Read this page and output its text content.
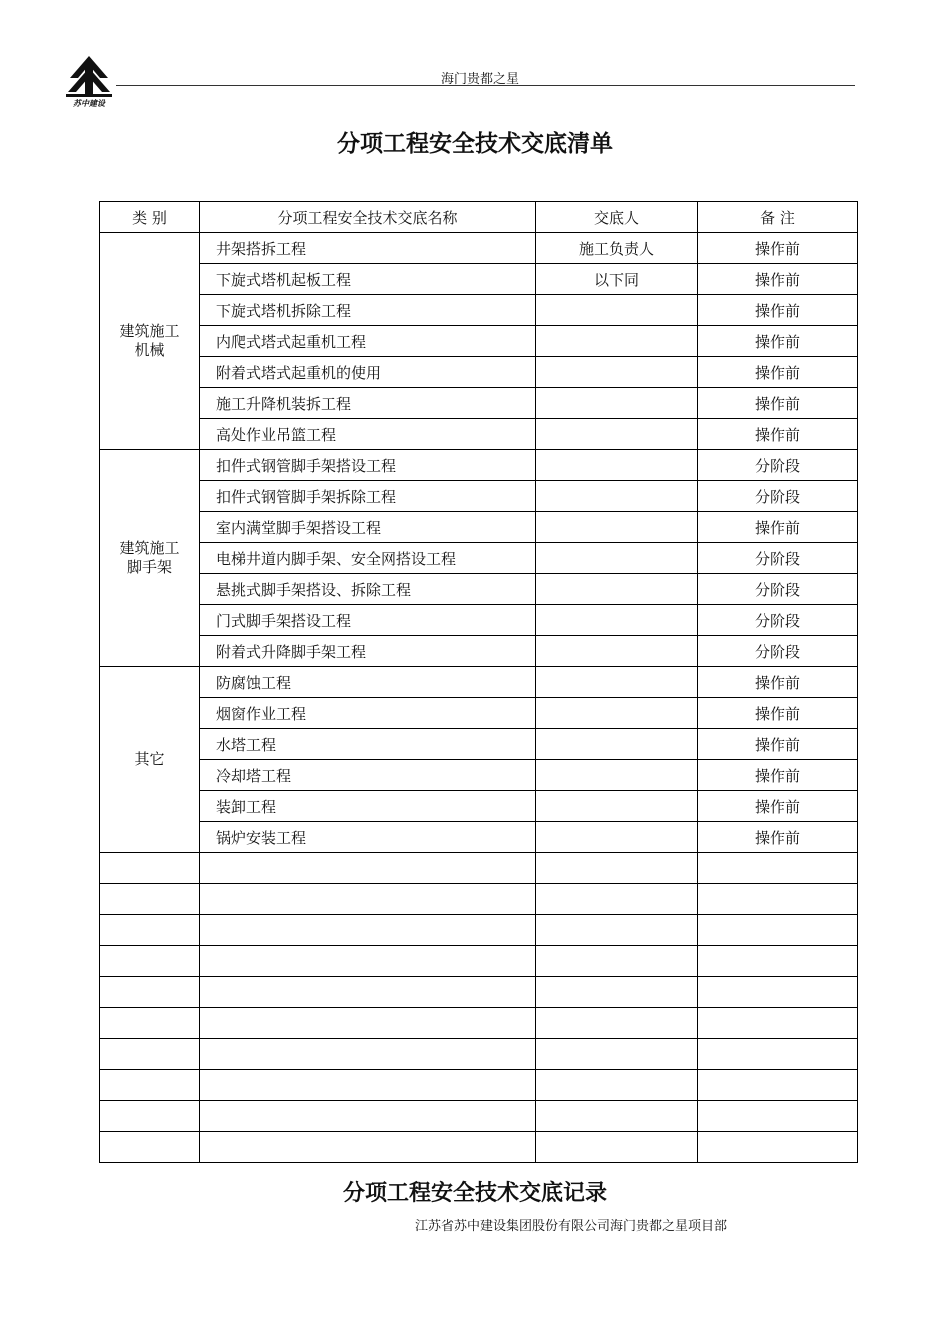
苏中建设
海门贵都之星
分项工程安全技术交底清单
类 别	分项工程安全技术交底名称	交底人	备 注

建筑施工
机械	井架搭拆工程	施工负责人	操作前
	下旋式塔机起板工程	以下同	操作前
	下旋式塔机拆除工程		操作前
	内爬式塔式起重机工程		操作前
	附着式塔式起重机的使用		操作前
	施工升降机装拆工程		操作前
	高处作业吊篮工程		操作前

建筑施工
脚手架	扣件式钢管脚手架搭设工程		分阶段
	扣件式钢管脚手架拆除工程		分阶段
	室内满堂脚手架搭设工程		操作前
	电梯井道内脚手架、安全网搭设工程		分阶段
	悬挑式脚手架搭设、拆除工程		分阶段
	门式脚手架搭设工程		分阶段
	附着式升降脚手架工程		分阶段
其它	防腐蚀工程		操作前
	烟窗作业工程		操作前
	水塔工程		操作前
	冷却塔工程		操作前
	装卸工程		操作前
	锅炉安装工程		操作前

分项工程安全技术交底记录
江苏省苏中建设集团股份有限公司海门贵都之星项目部
